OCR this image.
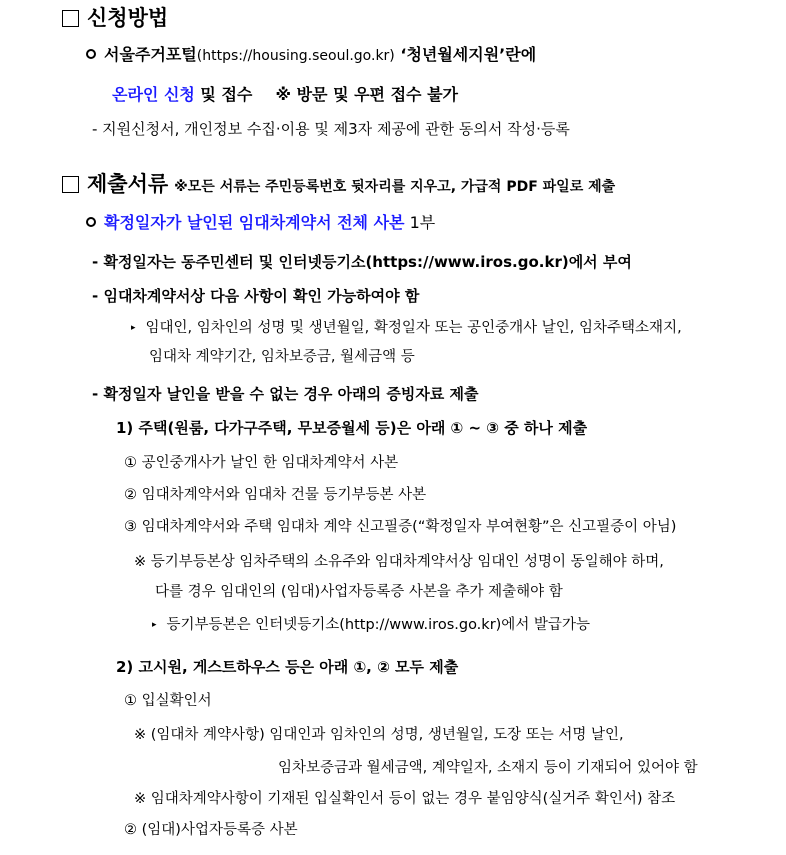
신청방법
서울주거포털(https://housing.seoul.go.kr) ‘청년월세지원’란에
온라인 신청 및 접수 ※ 방문 및 우편 접수 불가
- 지원신청서, 개인정보 수집·이용 및 제3자 제공에 관한 동의서 작성·등록
제출서류 ※모든 서류는 주민등록번호 뒷자리를 지우고, 가급적 PDF 파일로 제출
확정일자가 날인된 임대차계약서 전체 사본 1부
- 확정일자는 동주민센터 및 인터넷등기소(https://www.iros.go.kr)에서 부여
- 임대차계약서상 다음 사항이 확인 가능하여야 함
▸ 임대인, 임차인의 성명 및 생년월일, 확정일자 또는 공인중개사 날인, 임차주택소재지,
임대차 계약기간, 임차보증금, 월세금액 등
- 확정일자 날인을 받을 수 없는 경우 아래의 증빙자료 제출
1) 주택(원룸, 다가구주택, 무보증월세 등)은 아래 ① ~ ③ 중 하나 제출
① 공인중개사가 날인 한 임대차계약서 사본
② 임대차계약서와 임대차 건물 등기부등본 사본
③ 임대차계약서와 주택 임대차 계약 신고필증(“확정일자 부여현황”은 신고필증이 아님)
※ 등기부등본상 임차주택의 소유주와 임대차계약서상 임대인 성명이 동일해야 하며,
다를 경우 임대인의 (임대)사업자등록증 사본을 추가 제출해야 함
▸ 등기부등본은 인터넷등기소(http://www.iros.go.kr)에서 발급가능
2) 고시원, 게스트하우스 등은 아래 ①, ② 모두 제출
① 입실확인서
※ (임대차 계약사항) 임대인과 임차인의 성명, 생년월일, 도장 또는 서명 날인,
임차보증금과 월세금액, 계약일자, 소재지 등이 기재되어 있어야 함
※ 임대차계약사항이 기재된 입실확인서 등이 없는 경우 붙임양식(실거주 확인서) 참조
② (임대)사업자등록증 사본
